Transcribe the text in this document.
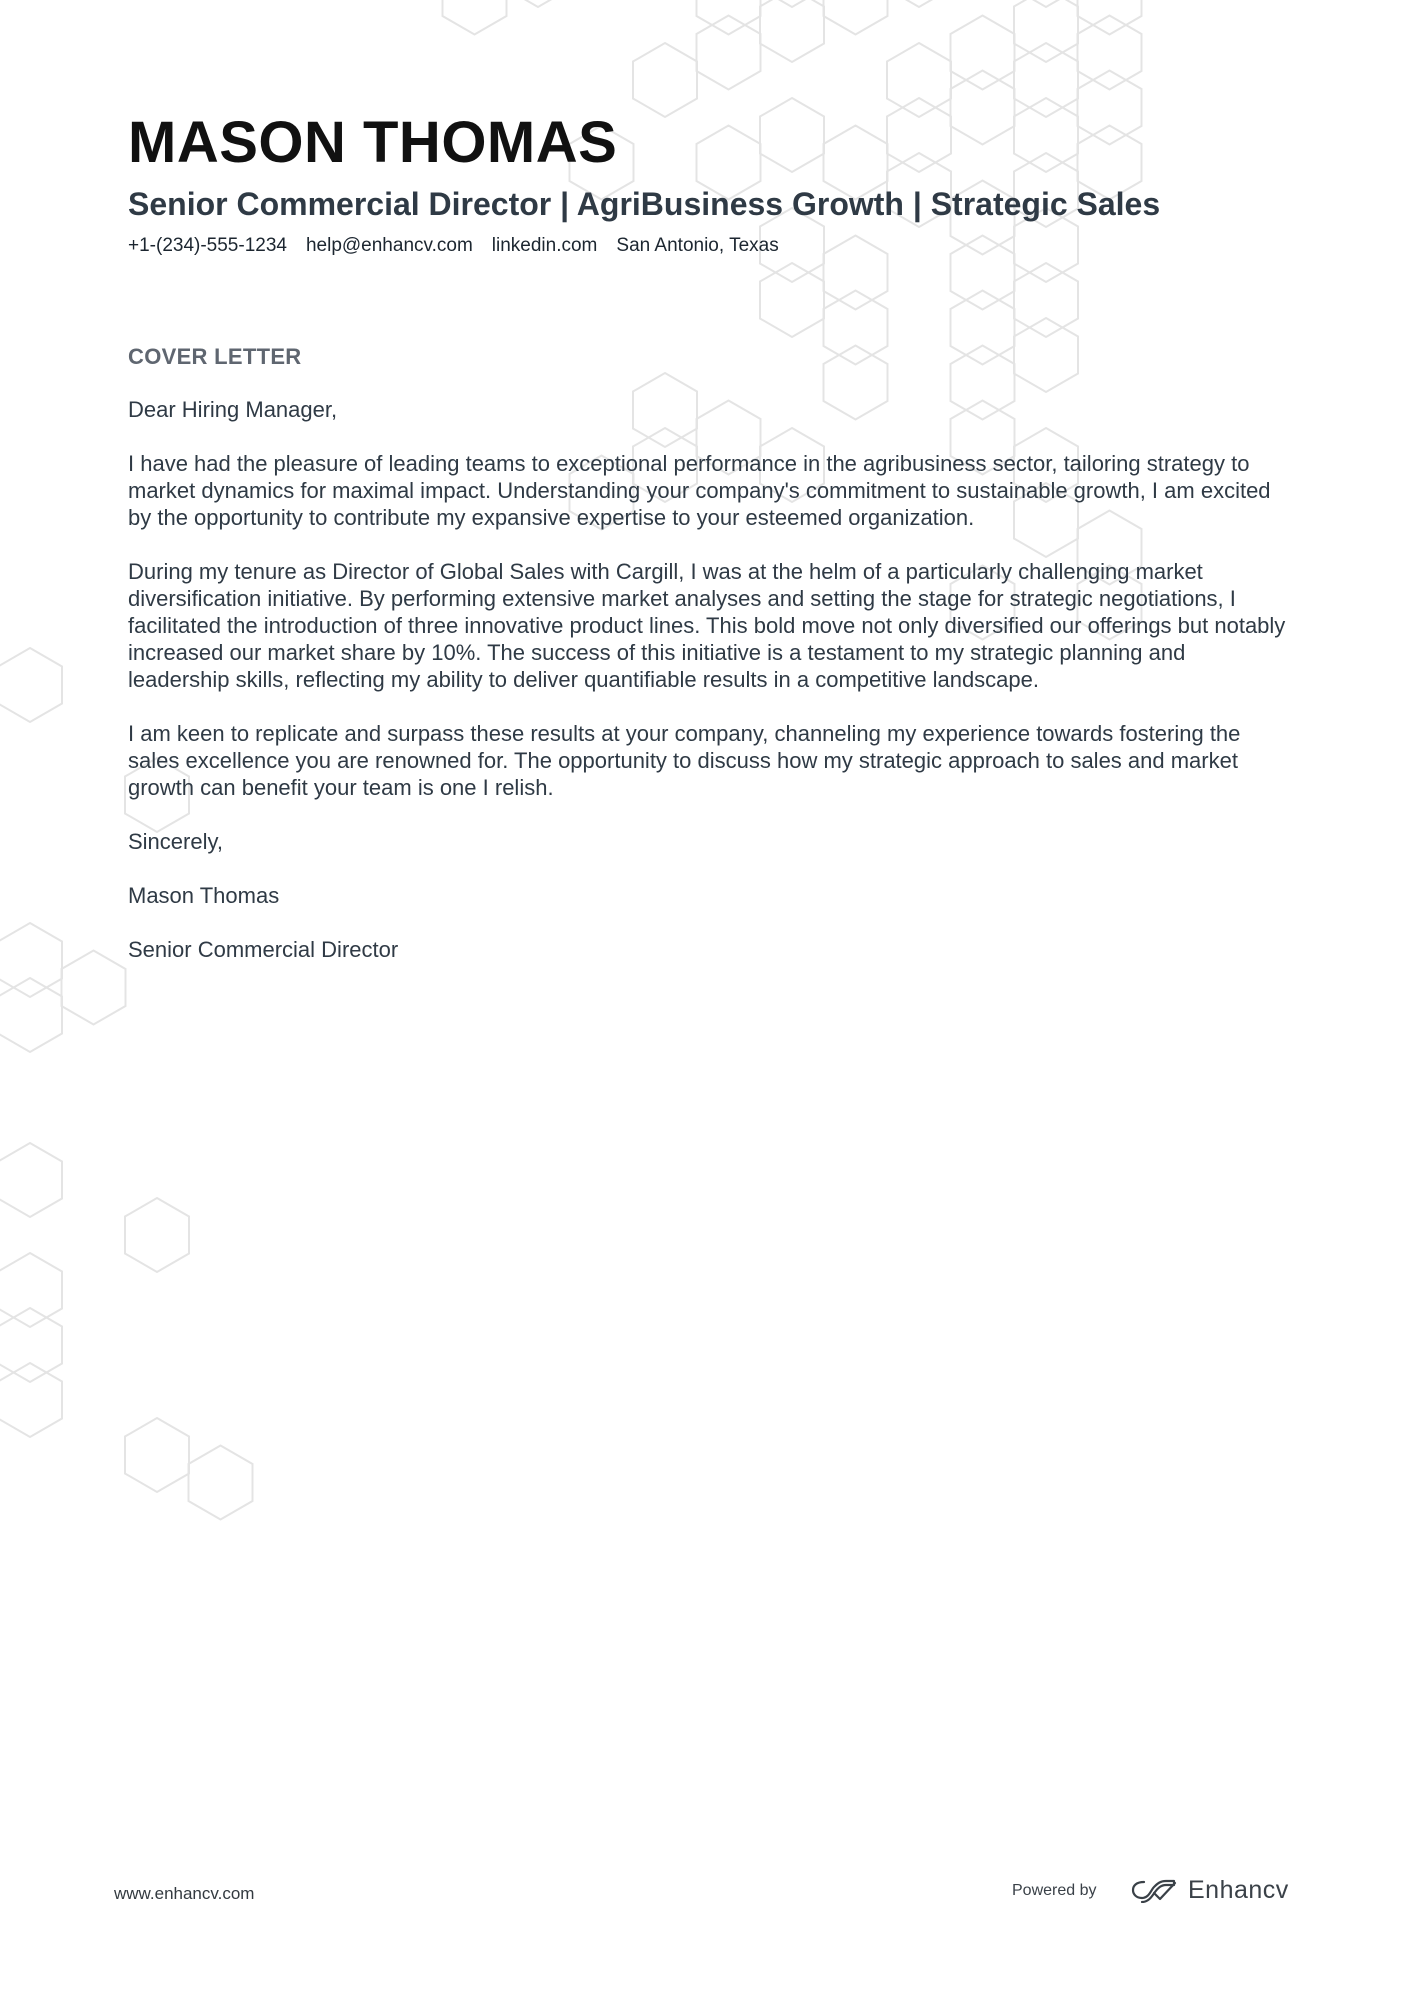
MASON THOMAS
Senior Commercial Director | AgriBusiness Growth | Strategic Sales
+1-(234)-555-1234 help@enhancv.com linkedin.com San Antonio, Texas
COVER LETTER

Dear Hiring Manager,

I have had the pleasure of leading teams to exceptional performance in the agribusiness sector, tailoring strategy to market dynamics for maximal impact. Understanding your company's commitment to sustainable growth, I am excited by the opportunity to contribute my expansive expertise to your esteemed organization.

During my tenure as Director of Global Sales with Cargill, I was at the helm of a particularly challenging market diversification initiative. By performing extensive market analyses and setting the stage for strategic negotiations, I facilitated the introduction of three innovative product lines. This bold move not only diversified our offerings but notably increased our market share by 10%. The success of this initiative is a testament to my strategic planning and leadership skills, reflecting my ability to deliver quantifiable results in a competitive landscape.

I am keen to replicate and surpass these results at your company, channeling my experience towards fostering the sales excellence you are renowned for. The opportunity to discuss how my strategic approach to sales and market growth can benefit your team is one I relish.

Sincerely,

Mason Thomas

Senior Commercial Director

www.enhancv.com	Powered by	Enhancv
